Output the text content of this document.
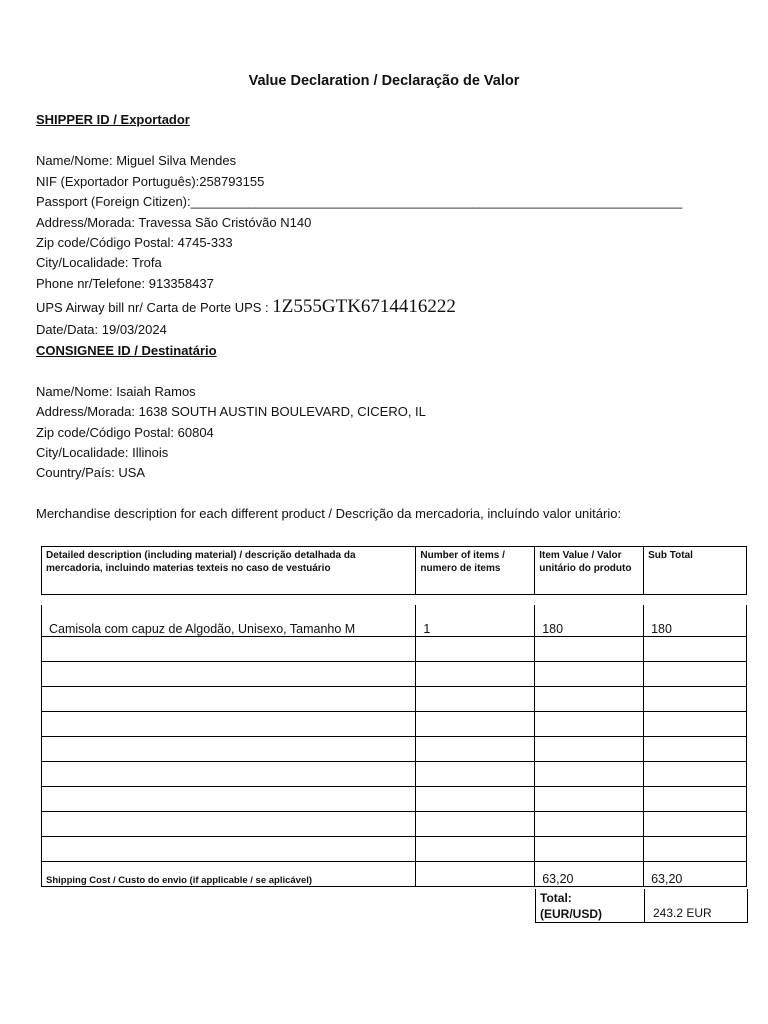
Value Declaration / Declaração de Valor
SHIPPER ID / Exportador
Name/Nome: Miguel Silva Mendes
NIF (Exportador Português):258793155
Passport (Foreign Citizen):____________________________________________________________________
Address/Morada: Travessa São Cristóvão N140
Zip code/Código Postal: 4745-333
City/Localidade: Trofa
Phone nr/Telefone: 913358437
UPS Airway bill nr/ Carta de Porte UPS : 1Z555GTK6714416222
Date/Data: 19/03/2024
CONSIGNEE ID / Destinatário
Name/Nome: Isaiah Ramos
Address/Morada: 1638 SOUTH AUSTIN BOULEVARD, CICERO, IL
Zip code/Código Postal: 60804
City/Localidade: Illinois
Country/País: USA
Merchandise description for each different product / Descrição da mercadoria, incluíndo valor unitário:
Detailed description (including material) / descrição detalhada da mercadoria, incluindo materias texteis no caso de vestuário	Number of items / numero de items	Item Value / Valor unitário do produto	Sub Total
Camisola com capuz de Algodão, Unisexo, Tamanho M	1	180	180

Shipping Cost / Custo do envio (if applicable / se aplicável)		63,20	63,20
Total:
(EUR/USD)	243.2 EUR
